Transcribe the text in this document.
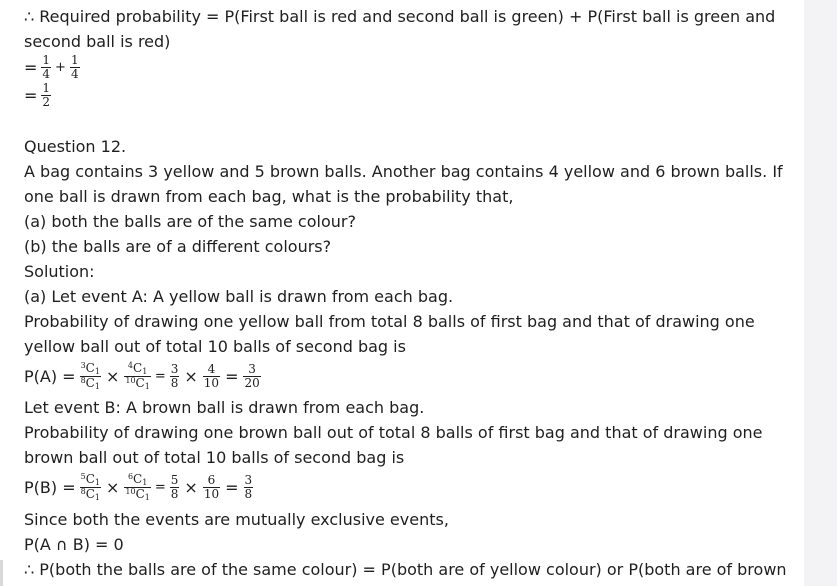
∴ Required probability = P(First ball is red and second ball is green) + P(First ball is green and
second ball is red)
= $\frac{1}{4} + \frac{1}{4}$
= $\frac{1}{2}$
Question 12.
A bag contains 3 yellow and 5 brown balls. Another bag contains 4 yellow and 6 brown balls. If
one ball is drawn from each bag, what is the probability that,
(a) both the balls are of the same colour?
(b) the balls are of a different colours?
Solution:
(a) Let event A: A yellow ball is drawn from each bag.
Probability of drawing one yellow ball from total 8 balls of first bag and that of drawing one
yellow ball out of total 10 balls of second bag is
$P(A) = \frac{^3C1}{^8C1} \times \frac{^4C1}{^{10}C1} = \frac{3}{8} \times \frac{4}{10} = \frac{3}{20}$
Let event B: A brown ball is drawn from each bag.
Probability of drawing one brown ball out of total 8 balls of first bag and that of drawing one
brown ball out of total 10 balls of second bag is
$P(B) = \frac{^5C1}{^8C1} \times \frac{^6C1}{^{10}C1} = \frac{5}{8} \times \frac{6}{10} = \frac{3}{8}$
Since both the events are mutually exclusive events,
P(A ∩ B) = 0
∴ P(both the balls are of the same colour) = P(both are of yellow colour) or P(both are of brown
